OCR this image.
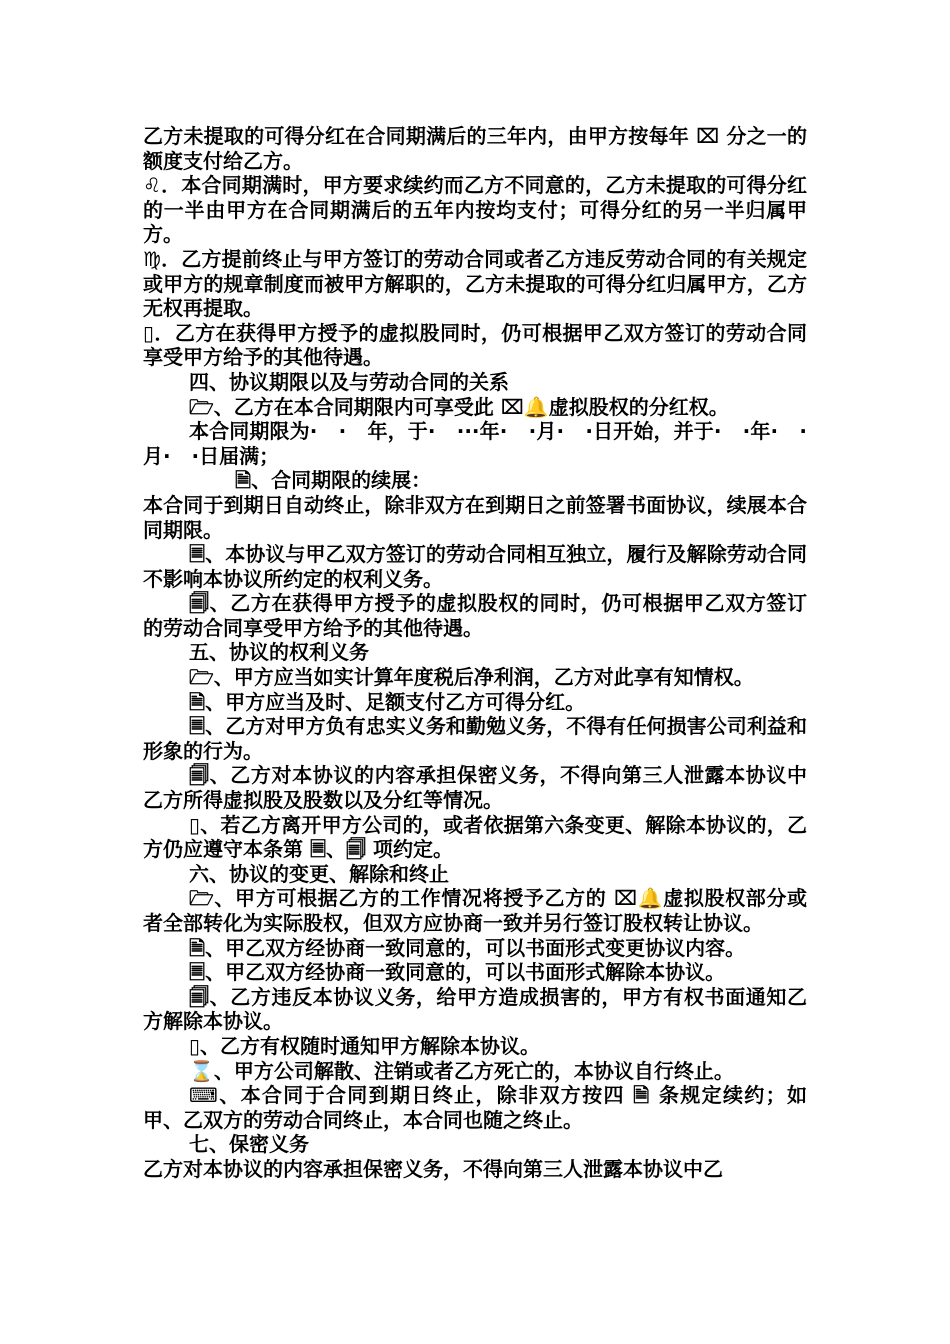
乙方未提取的可得分红在合同期满后的三年内，由甲方按每年 ⌧ 分之一的额度支付给乙方。

♌．本合同期满时，甲方要求续约而乙方不同意的，乙方未提取的可得分红的一半由甲方在合同期满后的五年内按均支付；可得分红的另一半归属甲方。

♍．乙方提前终止与甲方签订的劳动合同或者乙方违反劳动合同的有关规定或甲方的规章制度而被甲方解职的，乙方未提取的可得分红归属甲方，乙方无权再提取。

▯．乙方在获得甲方授予的虚拟股同时，仍可根据甲乙双方签订的劳动合同享受甲方给予的其他待遇。

四、协议期限以及与劳动合同的关系

🗁、乙方在本合同期限内可享受此 ⌧🔔虚拟股权的分红权。

本合同期限为·   ·   年，于·   ···年·   ·月·   ·日开始，并于·   ·年·   ·月·   ·日届满；

🗎、合同期限的续展：

本合同于到期日自动终止，除非双方在到期日之前签署书面协议，续展本合同期限。

🗏、本协议与甲乙双方签订的劳动合同相互独立，履行及解除劳动合同不影响本协议所约定的权利义务。

🗐、乙方在获得甲方授予的虚拟股权的同时，仍可根据甲乙双方签订的劳动合同享受甲方给予的其他待遇。

五、协议的权利义务

🗁、甲方应当如实计算年度税后净利润，乙方对此享有知情权。

🗎、甲方应当及时、足额支付乙方可得分红。

🗏、乙方对甲方负有忠实义务和勤勉义务，不得有任何损害公司利益和形象的行为。

🗐、乙方对本协议的内容承担保密义务，不得向第三人泄露本协议中乙方所得虚拟股及股数以及分红等情况。

▯、若乙方离开甲方公司的，或者依据第六条变更、解除本协议的，乙方仍应遵守本条第 🗏、🗐 项约定。

六、协议的变更、解除和终止

🗁、甲方可根据乙方的工作情况将授予乙方的 ⌧🔔虚拟股权部分或者全部转化为实际股权，但双方应协商一致并另行签订股权转让协议。

🗎、甲乙双方经协商一致同意的，可以书面形式变更协议内容。

🗏、甲乙双方经协商一致同意的，可以书面形式解除本协议。

🗐、乙方违反本协议义务，给甲方造成损害的，甲方有权书面通知乙方解除本协议。

▯、乙方有权随时通知甲方解除本协议。

⌛、甲方公司解散、注销或者乙方死亡的，本协议自行终止。

⌨、本合同于合同到期日终止，除非双方按四 🗎 条规定续约；如甲、乙双方的劳动合同终止，本合同也随之终止。

七、保密义务

乙方对本协议的内容承担保密义务，不得向第三人泄露本协议中乙
